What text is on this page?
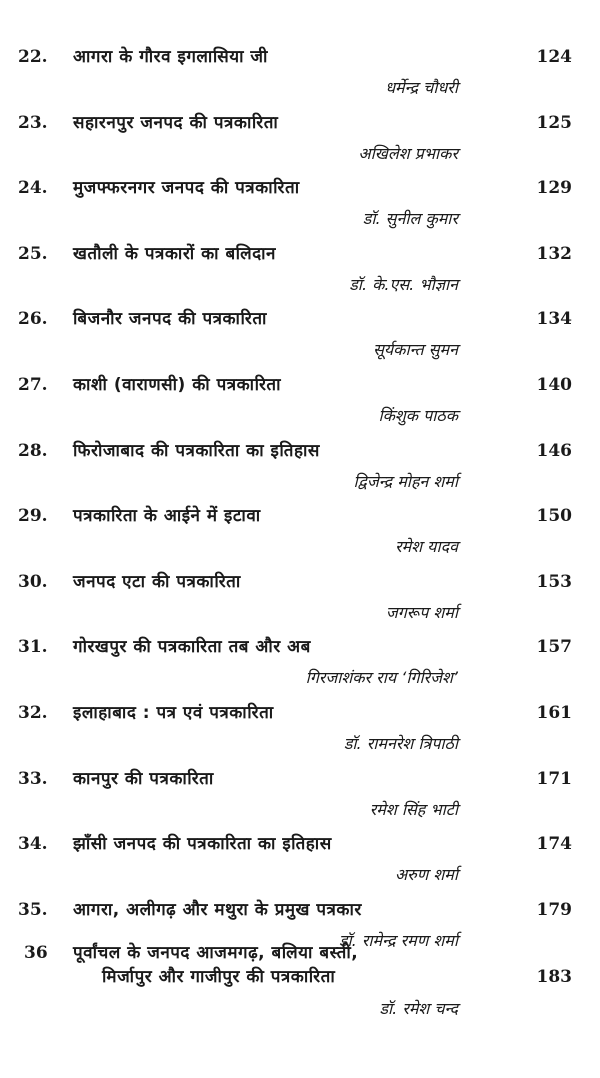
22. आगरा के गौरव इगलासिया जी	124
धर्मेन्द्र चौधरी
23. सहारनपुर जनपद की पत्रकारिता	125
अखिलेश प्रभाकर
24. मुजफ्फरनगर जनपद की पत्रकारिता	129
डॉ. सुनील कुमार
25. खतौली के पत्रकारों का बलिदान	132
डॉ. के.एस. भौज्ञान
26. बिजनौर जनपद की पत्रकारिता	134
सूर्यकान्त सुमन
27. काशी (वाराणसी) की पत्रकारिता	140
किंशुक पाठक
28. फिरोजाबाद की पत्रकारिता का इतिहास	146
द्विजेन्द्र मोहन शर्मा
29. पत्रकारिता के आईने में इटावा	150
रमेश यादव
30. जनपद एटा की पत्रकारिता	153
जगरूप शर्मा
31. गोरखपुर की पत्रकारिता तब और अब	157
गिरजाशंकर राय ‘गिरिजेश’
32. इलाहाबाद : पत्र एवं पत्रकारिता	161
डॉ. रामनरेश त्रिपाठी
33. कानपुर की पत्रकारिता	171
रमेश सिंह भाटी
34. झाँसी जनपद की पत्रकारिता का इतिहास	174
अरुण शर्मा
35. आगरा, अलीगढ़ और मथुरा के प्रमुख पत्रकार	179
डॉ. रामेन्द्र रमण शर्मा
36 पूर्वांचल के जनपद आजमगढ़, बलिया बस्ती,
मिर्जापुर और गाजीपुर की पत्रकारिता	183
डॉ. रमेश चन्द
